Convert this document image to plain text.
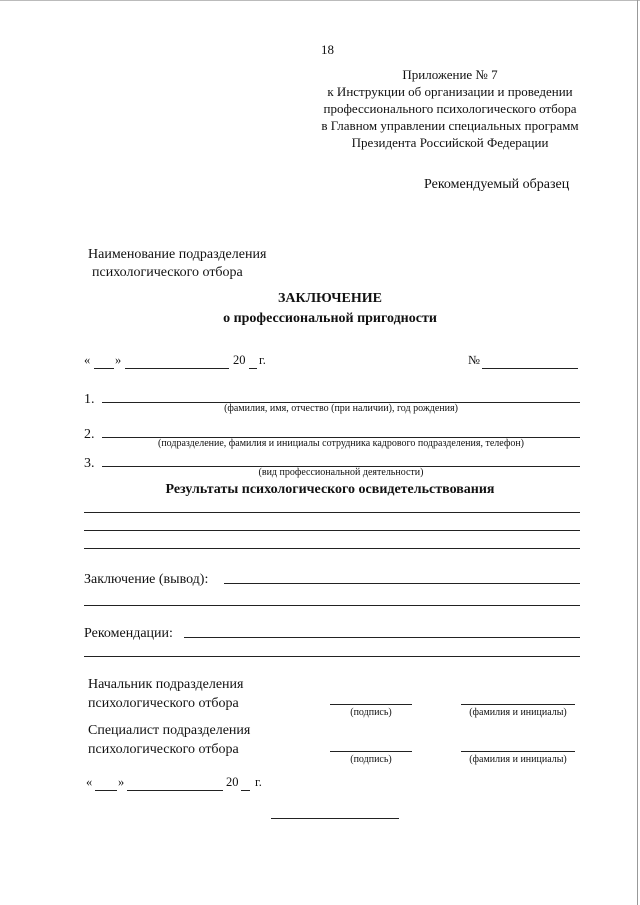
18
Приложение № 7
к Инструкции об организации и проведении
профессионального психологического отбора
в Главном управлении специальных программ
Президента Российской Федерации
Рекомендуемый образец
Наименование подразделения
психологического отбора
ЗАКЛЮЧЕНИЕ
о профессиональной пригодности
« »	20 г.	№
1.
(фамилия, имя, отчество (при наличии), год рождения)
2.
(подразделение, фамилия и инициалы сотрудника кадрового подразделения, телефон)
3.
(вид профессиональной деятельности)
Результаты психологического освидетельствования
Заключение (вывод):
Рекомендации:
Начальник подразделения
психологического отбора
(подпись)	(фамилия и инициалы)
Специалист подразделения
психологического отбора
(подпись)	(фамилия и инициалы)
« »	20 г.
